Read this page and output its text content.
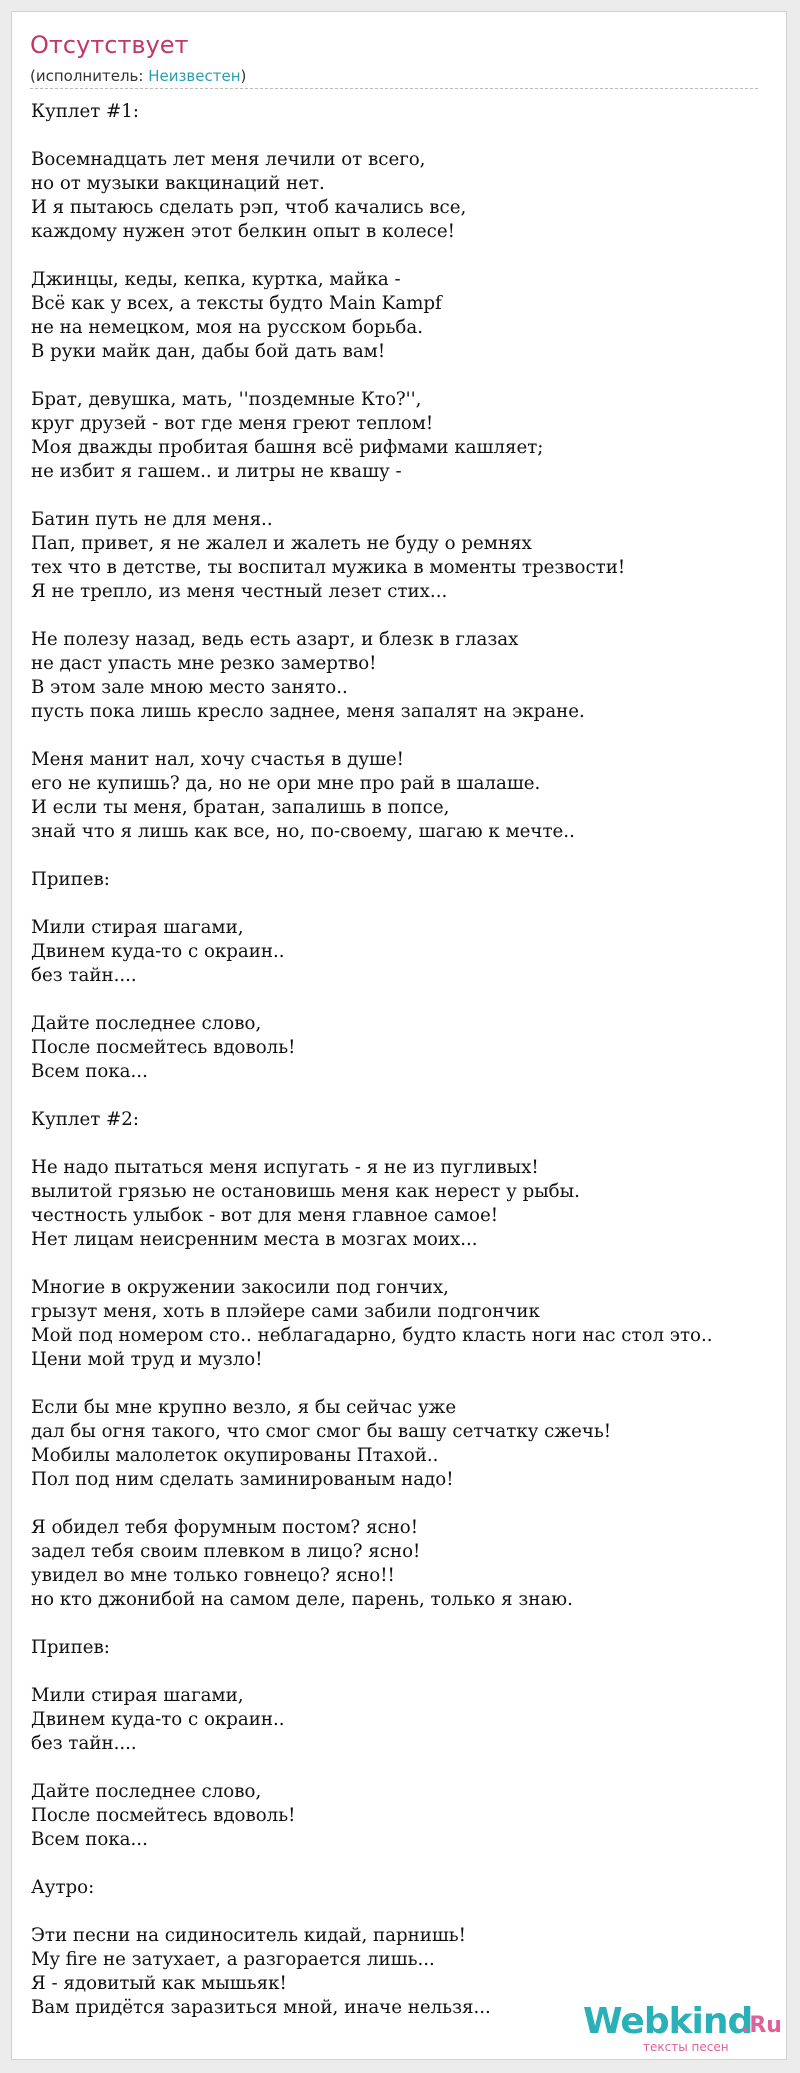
Отсутствует
(исполнитель: Неизвестен)
Куплет #1:
Восемнадцать лет меня лечили от всего,
но от музыки вакцинаций нет.
И я пытаюсь сделать рэп, чтоб качались все,
каждому нужен этот белкин опыт в колесе!
Джинцы, кеды, кепка, куртка, майка -
Всё как у всех, а тексты будто Main Kampf
не на немецком, моя на русском борьба.
В руки майк дан, дабы бой дать вам!
Брат, девушка, мать, ''поздемные Кто?'',
круг друзей - вот где меня греют теплом!
Моя дважды пробитая башня всё рифмами кашляет;
не избит я гашем.. и литры не квашу -
Батин путь не для меня..
Пап, привет, я не жалел и жалеть не буду о ремнях
тех что в детстве, ты воспитал мужика в моменты трезвости!
Я не трепло, из меня честный лезет стих...
Не полезу назад, ведь есть азарт, и блезк в глазах
не даст упасть мне резко замертво!
В этом зале мною место занято..
пусть пока лишь кресло заднее, меня запалят на экране.
Меня манит нал, хочу счастья в душе!
его не купишь? да, но не ори мне про рай в шалаше.
И если ты меня, братан, запалишь в попсе,
знай что я лишь как все, но, по-своему, шагаю к мечте..
Припев:
Мили стирая шагами,
Двинем куда-то с окраин..
без тайн....
Дайте последнее слово,
После посмейтесь вдоволь!
Всем пока...
Куплет #2:
Не надо пытаться меня испугать - я не из пугливых!
вылитой грязью не остановишь меня как нерест у рыбы.
честность улыбок - вот для меня главное самое!
Нет лицам неисренним места в мозгах моих...
Многие в окружении закосили под гончих,
грызут меня, хоть в плэйере сами забили подгончик
Мой под номером сто.. неблагадарно, будто класть ноги нас стол это..
Цени мой труд и музло!
Если бы мне крупно везло, я бы сейчас уже
дал бы огня такого, что смог смог бы вашу сетчатку сжечь!
Мобилы малолеток окупированы Птахой..
Пол под ним сделать заминированым надо!
Я обидел тебя форумным постом? ясно!
задел тебя своим плевком в лицо? ясно!
увидел во мне только говнецо? ясно!!
но кто джонибой на самом деле, парень, только я знаю.
Припев:
Мили стирая шагами,
Двинем куда-то с окраин..
без тайн....
Дайте последнее слово,
После посмейтесь вдоволь!
Всем пока...
Аутро:
Эти песни на сидиноситель кидай, парнишь!
My fire не затухает, а разгорается лишь...
Я - ядовитый как мышьяк!
Вам придётся заразиться мной, иначе нельзя...	Webkind
.Ru
тексты песен
